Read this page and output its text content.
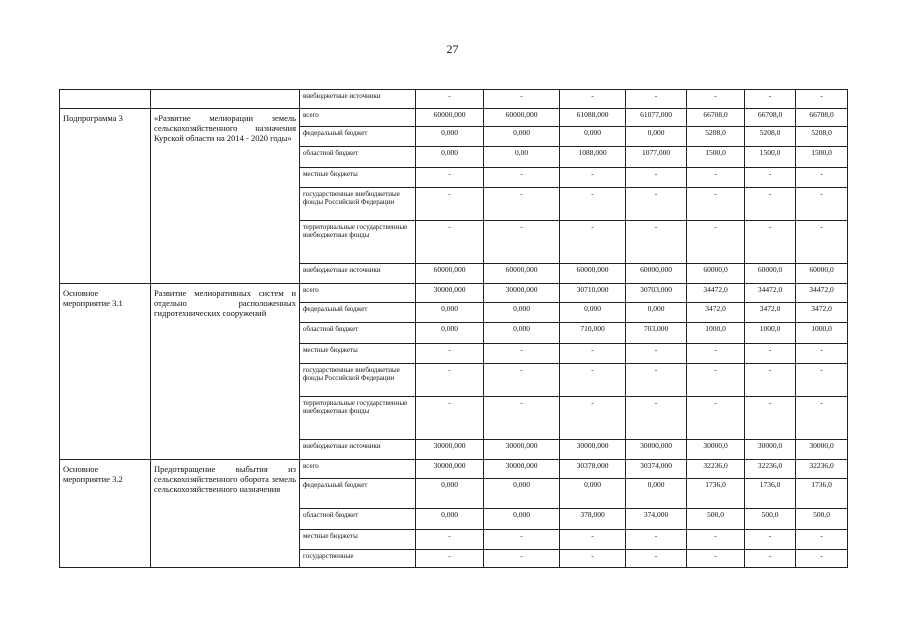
27
		внебюджетные источники	-	-	-	-	-	-	-
Подпрограмма 3	«Развитие мелиорации земель сельскохозяйственного назначения Курской области на 2014 - 2020 годы»	всего	60000,000	60000,000	61088,000	61077,000	66708,0	66708,0	66708,0
		федеральный бюджет	0,000	0,000	0,000	0,000	5208,0	5208,0	5208,0
		областной бюджет	0,000	0,00	1088,000	1077,000	1500,0	1500,0	1500,0
		местные бюджеты	-	-	-	-	-	-	-
		государственные внебюджетные фонды Российской Федерации	-	-	-	-	-	-	-
		территориальные государственные внебюджетные фонды	-	-	-	-	-	-	-
		внебюджетные источники	60000,000	60000,000	60000,000	60000,000	60000,0	60000,0	60000,0
Основное мероприятие 3.1	Развитие мелиоративных систем и отдельно расположенных гидротехнических сооружений	всего	30000,000	30000,000	30710,000	30703,000	34472,0	34472,0	34472,0
		федеральный бюджет	0,000	0,000	0,000	0,000	3472,0	3472,0	3472,0
		областной бюджет	0,000	0,000	710,000	703,000	1000,0	1000,0	1000,0
		местные бюджеты	-	-	-	-	-	-	-
		государственные внебюджетные фонды Российской Федерации	-	-	-	-	-	-	-
		территориальные государственные внебюджетные фонды	-	-	-	-	-	-	-
		внебюджетные источники	30000,000	30000,000	30000,000	30000,000	30000,0	30000,0	30000,0
Основное мероприятие 3.2	Предотвращение выбытия из сельскохозяйственного оборота земель сельскохозяйственного назначения	всего	30000,000	30000,000	30378,000	30374,000	32236,0	32236,0	32236,0
		федеральный бюджет	0,000	0,000	0,000	0,000	1736,0	1736,0	1736,0
		областной бюджет	0,000	0,000	378,000	374,000	500,0	500,0	500,0
		местные бюджеты	-	-	-	-	-	-	-
		государственные	-	-	-	-	-	-	-
